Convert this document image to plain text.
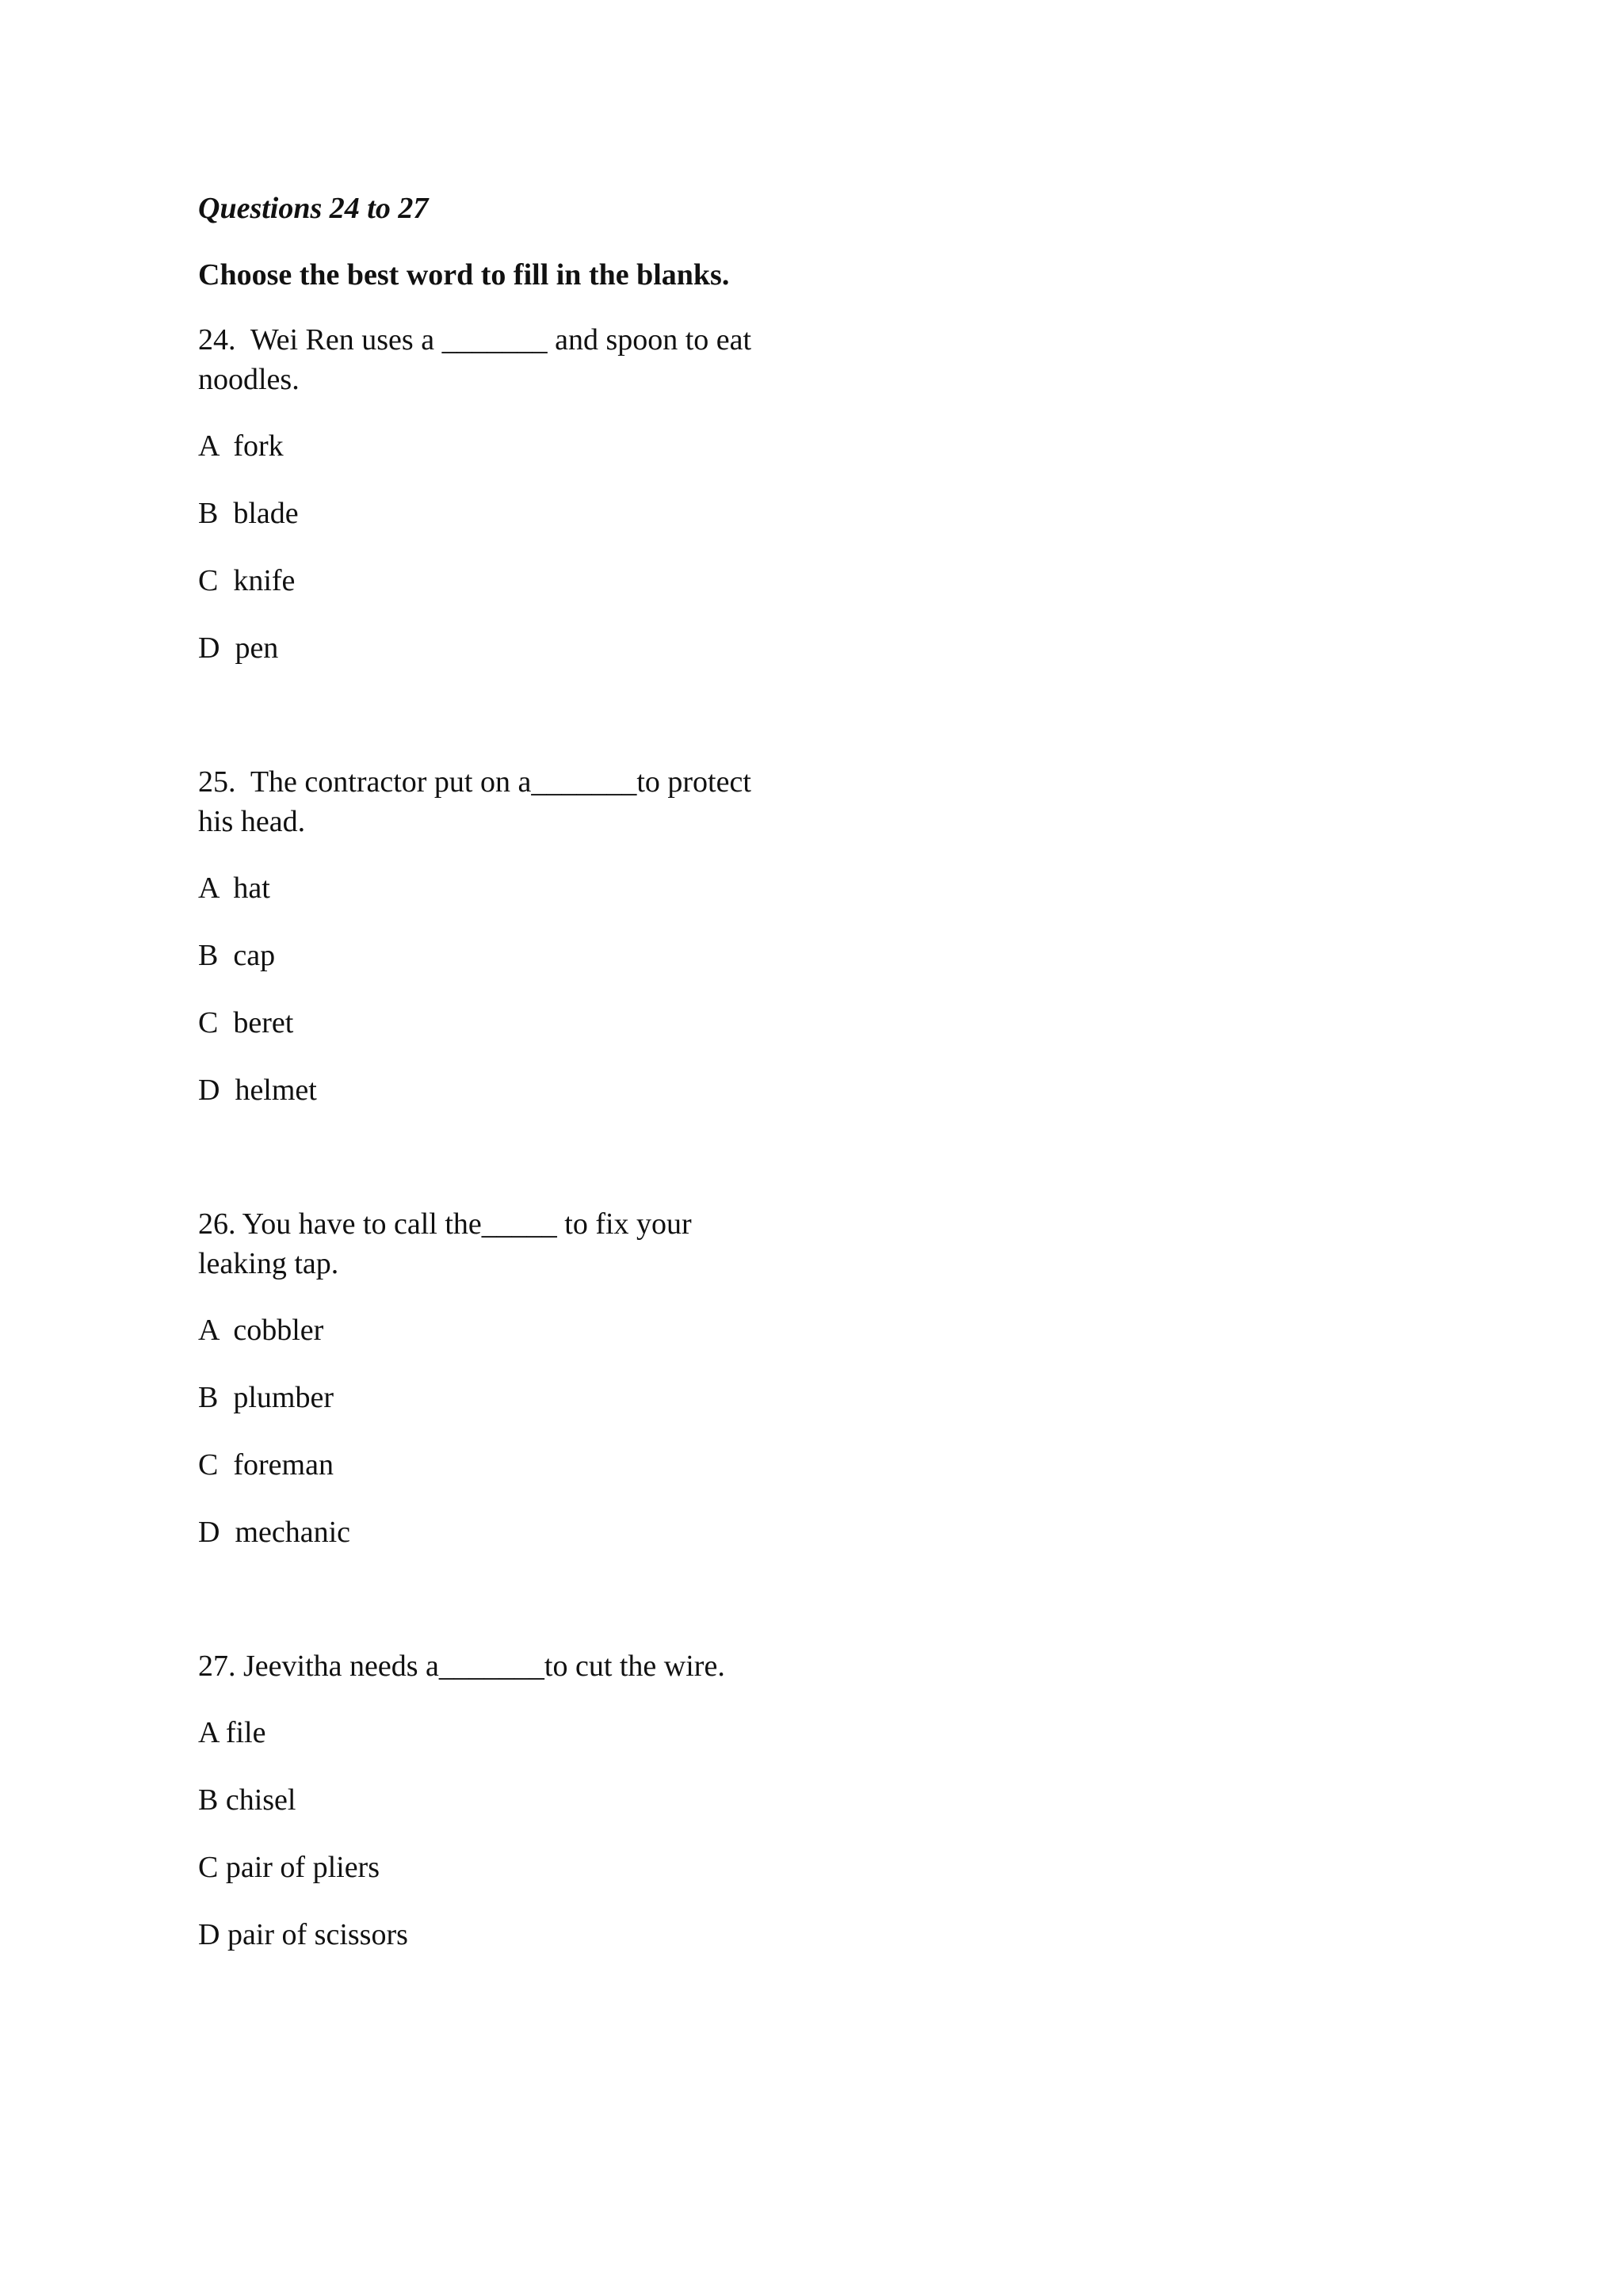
Questions 24 to 27
Choose the best word to fill in the blanks.
24.  Wei Ren uses a _______ and spoon to eat
noodles.
A  fork
B  blade
C  knife
D  pen
25.  The contractor put on a_______to protect
his head.
A  hat
B  cap
C  beret
D  helmet
26. You have to call the_____ to fix your
leaking tap.
A  cobbler
B  plumber
C  foreman
D  mechanic
27. Jeevitha needs a_______to cut the wire.
A file
B chisel
C pair of pliers
D pair of scissors
